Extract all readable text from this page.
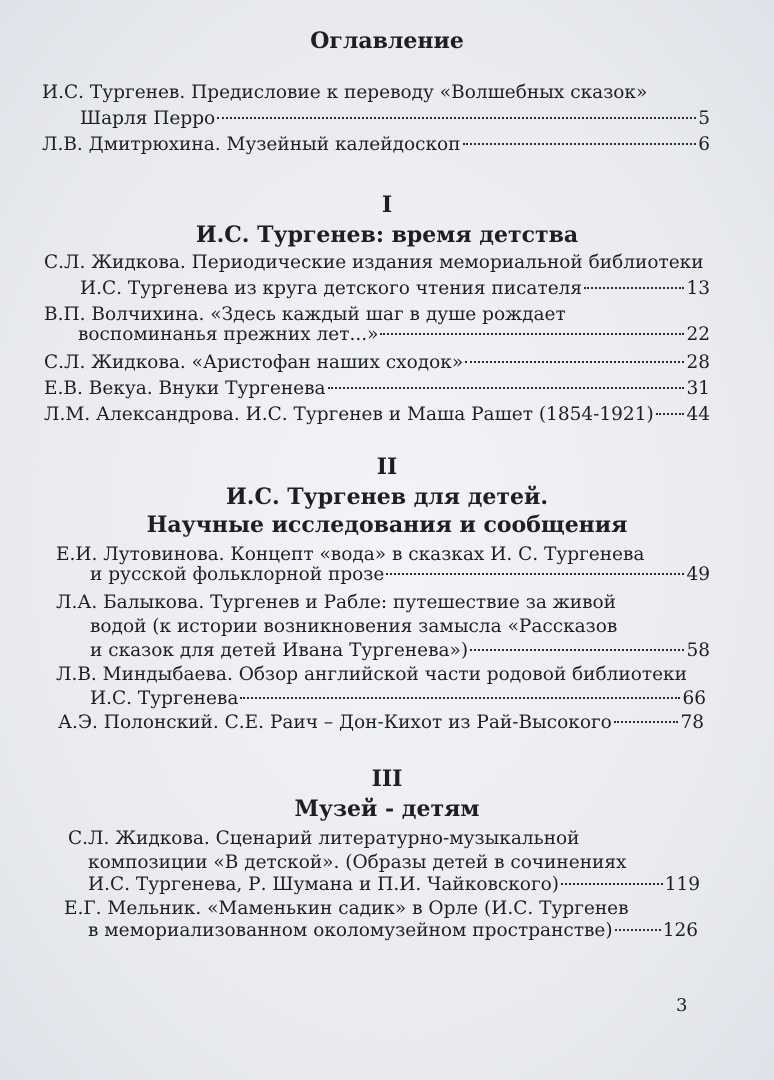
Оглавление
И.С. Тургенев. Предисловие к переводу «Волшебных сказок»
Шарля Перро	5
Л.В. Дмитрюхина. Музейный калейдоскоп	6
I
И.С. Тургенев: время детства
С.Л. Жидкова. Периодические издания мемориальной библиотеки
И.С. Тургенева из круга детского чтения писателя	13
В.П. Волчихина. «Здесь каждый шаг в душе рождает
воспоминанья прежних лет...»	22
С.Л. Жидкова. «Аристофан наших сходок»	28
Е.В. Векуа. Внуки Тургенева	31
Л.М. Александрова. И.С. Тургенев и Маша Рашет (1854-1921) 44
II
И.С. Тургенев для детей.
Научные исследования и сообщения
Е.И. Лутовинова. Концепт «вода» в сказках И. С. Тургенева
и русской фольклорной прозе	49
Л.А. Балыкова. Тургенев и Рабле: путешествие за живой
водой (к истории возникновения замысла «Рассказов
и сказок для детей Ивана Тургенева»)	58
Л.В. Миндыбаева. Обзор английской части родовой библиотеки
И.С. Тургенева	66
А.Э. Полонский. С.Е. Раич – Дон-Кихот из Рай-Высокого	78
III
Музей - детям
С.Л. Жидкова. Сценарий литературно-музыкальной
композиции «В детской». (Образы детей в сочинениях
И.С. Тургенева, Р. Шумана и П.И. Чайковского)	119
Е.Г. Мельник. «Маменькин садик» в Орле (И.С. Тургенев
в мемориализованном околомузейном пространстве)	126
3
